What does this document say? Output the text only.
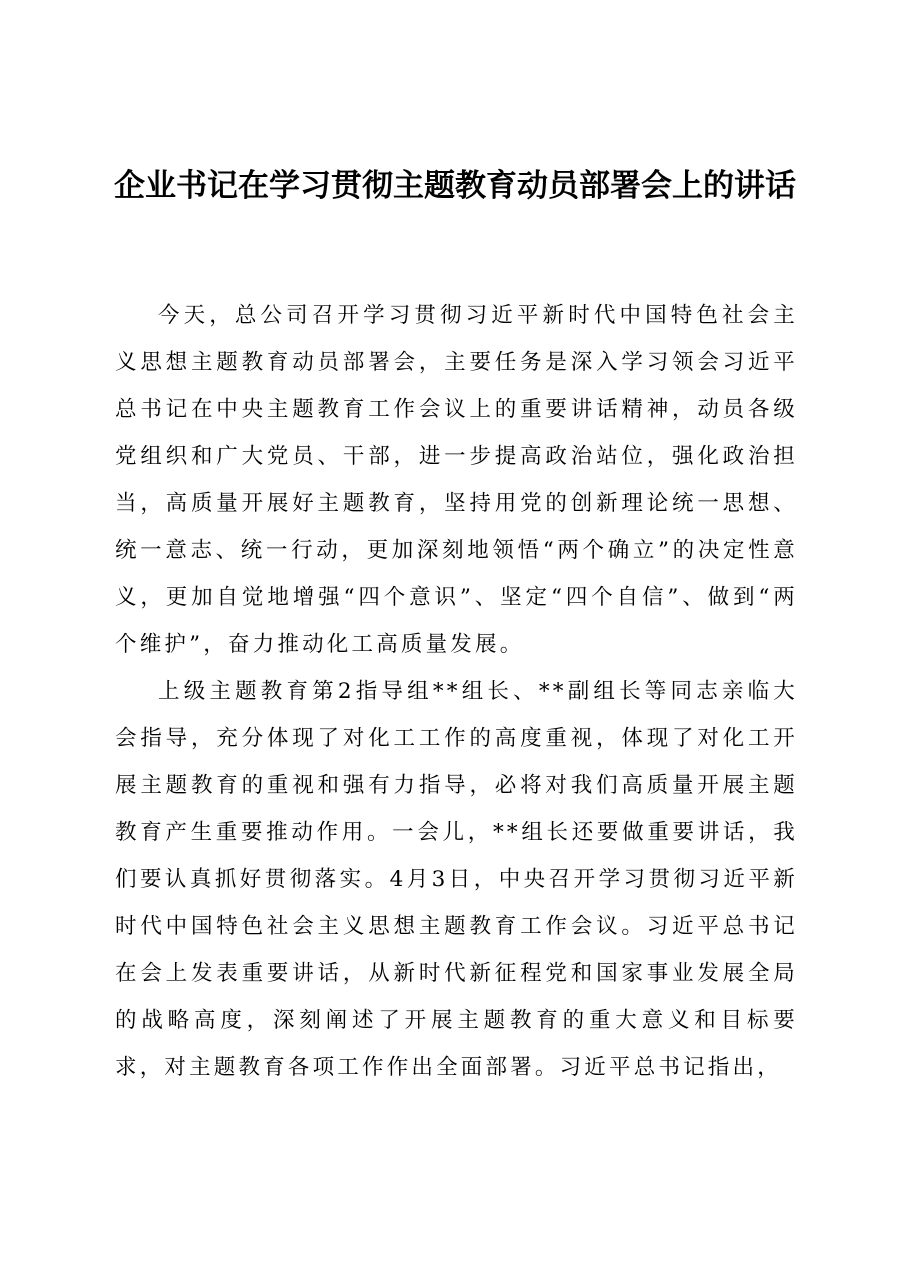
企业书记在学习贯彻主题教育动员部署会上的讲话

今天，总公司召开学习贯彻习近平新时代中国特色社会主义思想主题教育动员部署会，主要任务是深入学习领会习近平总书记在中央主题教育工作会议上的重要讲话精神，动员各级党组织和广大党员、干部，进一步提高政治站位，强化政治担当，高质量开展好主题教育，坚持用党的创新理论统一思想、统一意志、统一行动，更加深刻地领悟“两个确立”的决定性意义，更加自觉地增强“四个意识”、坚定“四个自信”、做到“两个维护”，奋力推动化工高质量发展。

上级主题教育第2指导组**组长、**副组长等同志亲临大会指导，充分体现了对化工工作的高度重视，体现了对化工开展主题教育的重视和强有力指导，必将对我们高质量开展主题教育产生重要推动作用。一会儿，**组长还要做重要讲话，我们要认真抓好贯彻落实。4月3日，中央召开学习贯彻习近平新时代中国特色社会主义思想主题教育工作会议。习近平总书记在会上发表重要讲话，从新时代新征程党和国家事业发展全局的战略高度，深刻阐述了开展主题教育的重大意义和目标要求，对主题教育各项工作作出全面部署。习近平总书记指出，
